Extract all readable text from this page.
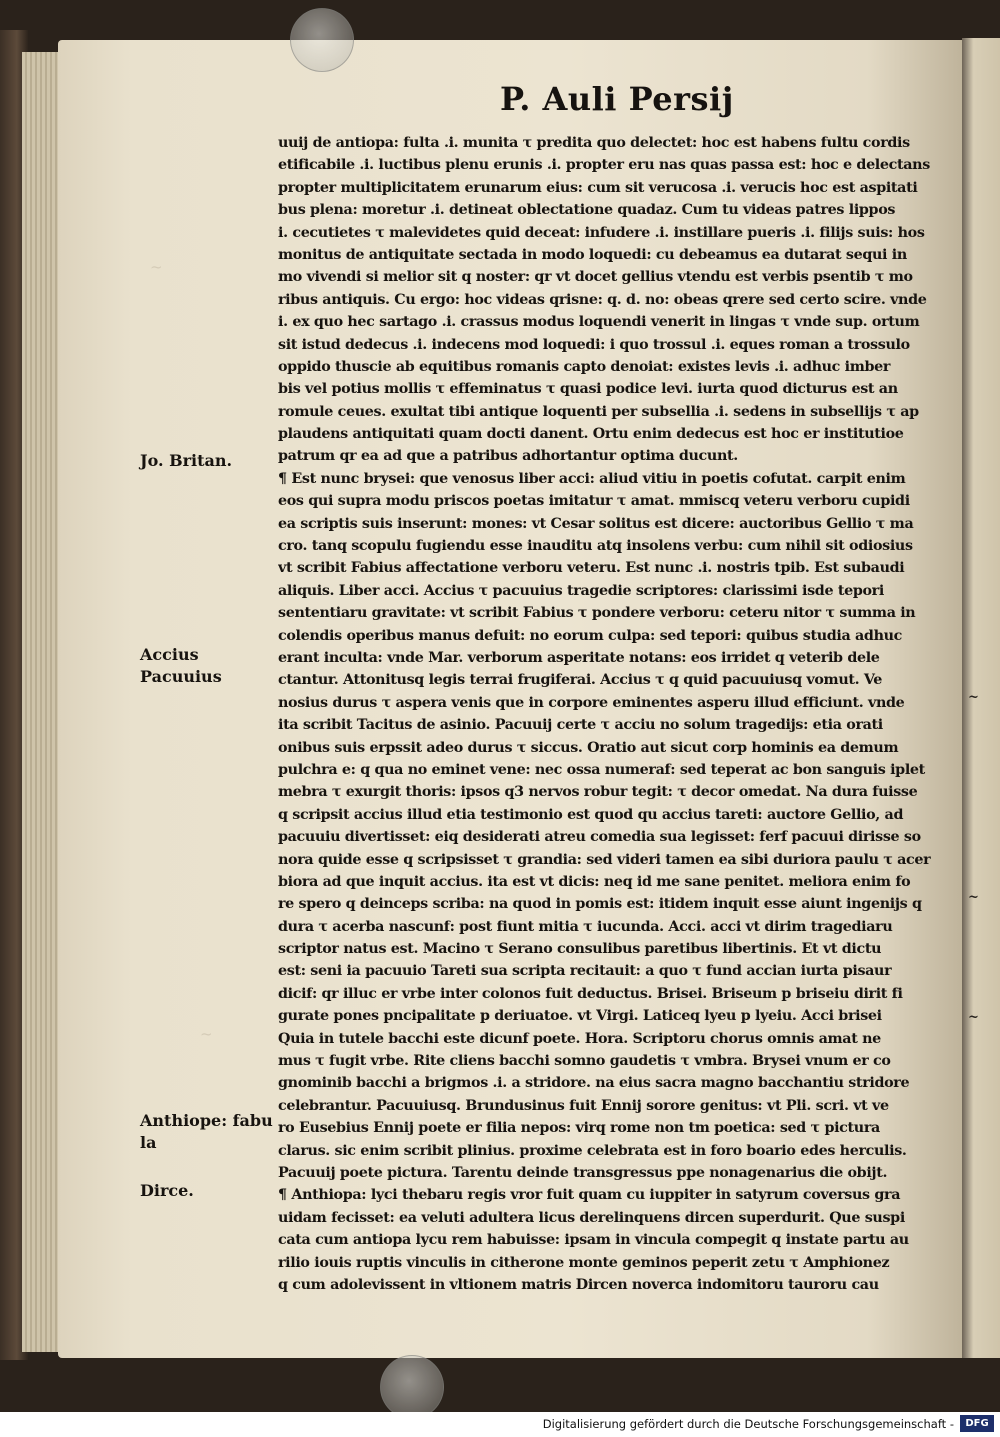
~
~
~
~
~
P. Auli Persij
uuij de antiopa: fulta .i. munita τ predita quo delectet: hoc est habens fultu cordis
etificabile .i. luctibus plenu erunis .i. propter eru nas quas passa est: hoc e delectans
propter multiplicitatem erunarum eius: cum sit verucosa .i. verucis hoc est aspitati
bus plena: moretur .i. detineat oblectatione quadaz. Cum tu videas patres lippos
i. cecutietes τ malevidetes quid deceat: infudere .i. instillare pueris .i. filijs suis: hos
monitus de antiquitate sectada in modo loquedi: cu debeamus ea dutarat sequi in
mo vivendi si melior sit q noster: qr vt docet gellius vtendu est verbis psentib τ mo
ribus antiquis. Cu ergo: hoc videas qrisne: q. d. no: obeas qrere sed certo scire. vnde
i. ex quo hec sartago .i. crassus modus loquendi venerit in lingas τ vnde sup. ortum
sit istud dedecus .i. indecens mod loquedi: i quo trossul .i. eques roman a trossulo
oppido thuscie ab equitibus romanis capto denoiat: existes levis .i. adhuc imber
bis vel potius mollis τ effeminatus τ quasi podice levi. iurta quod dicturus est an
romule ceues. exultat tibi antique loquenti per subsellia .i. sedens in subsellijs τ ap
plaudens antiquitati quam docti danent. Ortu enim dedecus est hoc er institutioe
patrum qr ea ad que a patribus adhortantur optima ducunt.
¶ Est nunc brysei: que venosus liber acci: aliud vitiu in poetis cofutat. carpit enim
eos qui supra modu priscos poetas imitatur τ amat. mmiscq veteru verboru cupidi
ea scriptis suis inserunt: mones: vt Cesar solitus est dicere: auctoribus Gellio τ ma
cro. tanq scopulu fugiendu esse inauditu atq insolens verbu: cum nihil sit odiosius
vt scribit Fabius affectatione verboru veteru. Est nunc .i. nostris tpib. Est subaudi
aliquis. Liber acci. Accius τ pacuuius tragedie scriptores: clarissimi isde tepori
sententiaru gravitate: vt scribit Fabius τ pondere verboru: ceteru nitor τ summa in
colendis operibus manus defuit: no eorum culpa: sed tepori: quibus studia adhuc
erant inculta: vnde Mar. verborum asperitate notans: eos irridet q veterib dele
ctantur. Attonitusq legis terrai frugiferai. Accius τ q quid pacuuiusq vomut. Ve
nosius durus τ aspera venis que in corpore eminentes asperu illud efficiunt. vnde
ita scribit Tacitus de asinio. Pacuuij certe τ acciu no solum tragedijs: etia orati
onibus suis erpssit adeo durus τ siccus. Oratio aut sicut corp hominis ea demum
pulchra e: q qua no eminet vene: nec ossa numeraf: sed teperat ac bon sanguis iplet
mebra τ exurgit thoris: ipsos q3 nervos robur tegit: τ decor omedat. Na dura fuisse
q scripsit accius illud etia testimonio est quod qu accius tareti: auctore Gellio, ad
pacuuiu divertisset: eiq desiderati atreu comedia sua legisset: ferf pacuui dirisse so
nora quide esse q scripsisset τ grandia: sed videri tamen ea sibi duriora paulu τ acer
biora ad que inquit accius. ita est vt dicis: neq id me sane penitet. meliora enim fo
re spero q deinceps scriba: na quod in pomis est: itidem inquit esse aiunt ingenijs q
dura τ acerba nascunf: post fiunt mitia τ iucunda. Acci. acci vt dirim tragediaru
scriptor natus est. Macino τ Serano consulibus paretibus libertinis. Et vt dictu
est: seni ia pacuuio Tareti sua scripta recitauit: a quo τ fund accian iurta pisaur
dicif: qr illuc er vrbe inter colonos fuit deductus. Brisei. Briseum p briseiu dirit fi
gurate pones pncipalitate p deriuatoe. vt Virgi. Laticeq lyeu p lyeiu. Acci brisei
Quia in tutele bacchi este dicunf poete. Hora. Scriptoru chorus omnis amat ne
mus τ fugit vrbe. Rite cliens bacchi somno gaudetis τ vmbra. Brysei vnum er co
gnominib bacchi a brigmos .i. a stridore. na eius sacra magno bacchantiu stridore
celebrantur. Pacuuiusq. Brundusinus fuit Ennij sorore genitus: vt Pli. scri. vt ve
ro Eusebius Ennij poete er filia nepos: virq rome non tm poetica: sed τ pictura
clarus. sic enim scribit plinius. proxime celebrata est in foro boario edes herculis.
Pacuuij poete pictura. Tarentu deinde transgressus ppe nonagenarius die obijt.
¶ Anthiopa: lyci thebaru regis vror fuit quam cu iuppiter in satyrum coversus gra
uidam fecisset: ea veluti adultera licus derelinquens dircen superdurit. Que suspi
cata cum antiopa lycu rem habuisse: ipsam in vincula compegit q instate partu au
rilio iouis ruptis vinculis in citherone monte geminos peperit zetu τ Amphionez
q cum adolevissent in vltionem matris Dircen noverca indomitoru tauroru cau
Jo. Britan.

Accius
Pacuuius

Anthiope: fabu
la

Dirce.
Digitalisierung gefördert durch die Deutsche Forschungsgemeinschaft -	DFG
